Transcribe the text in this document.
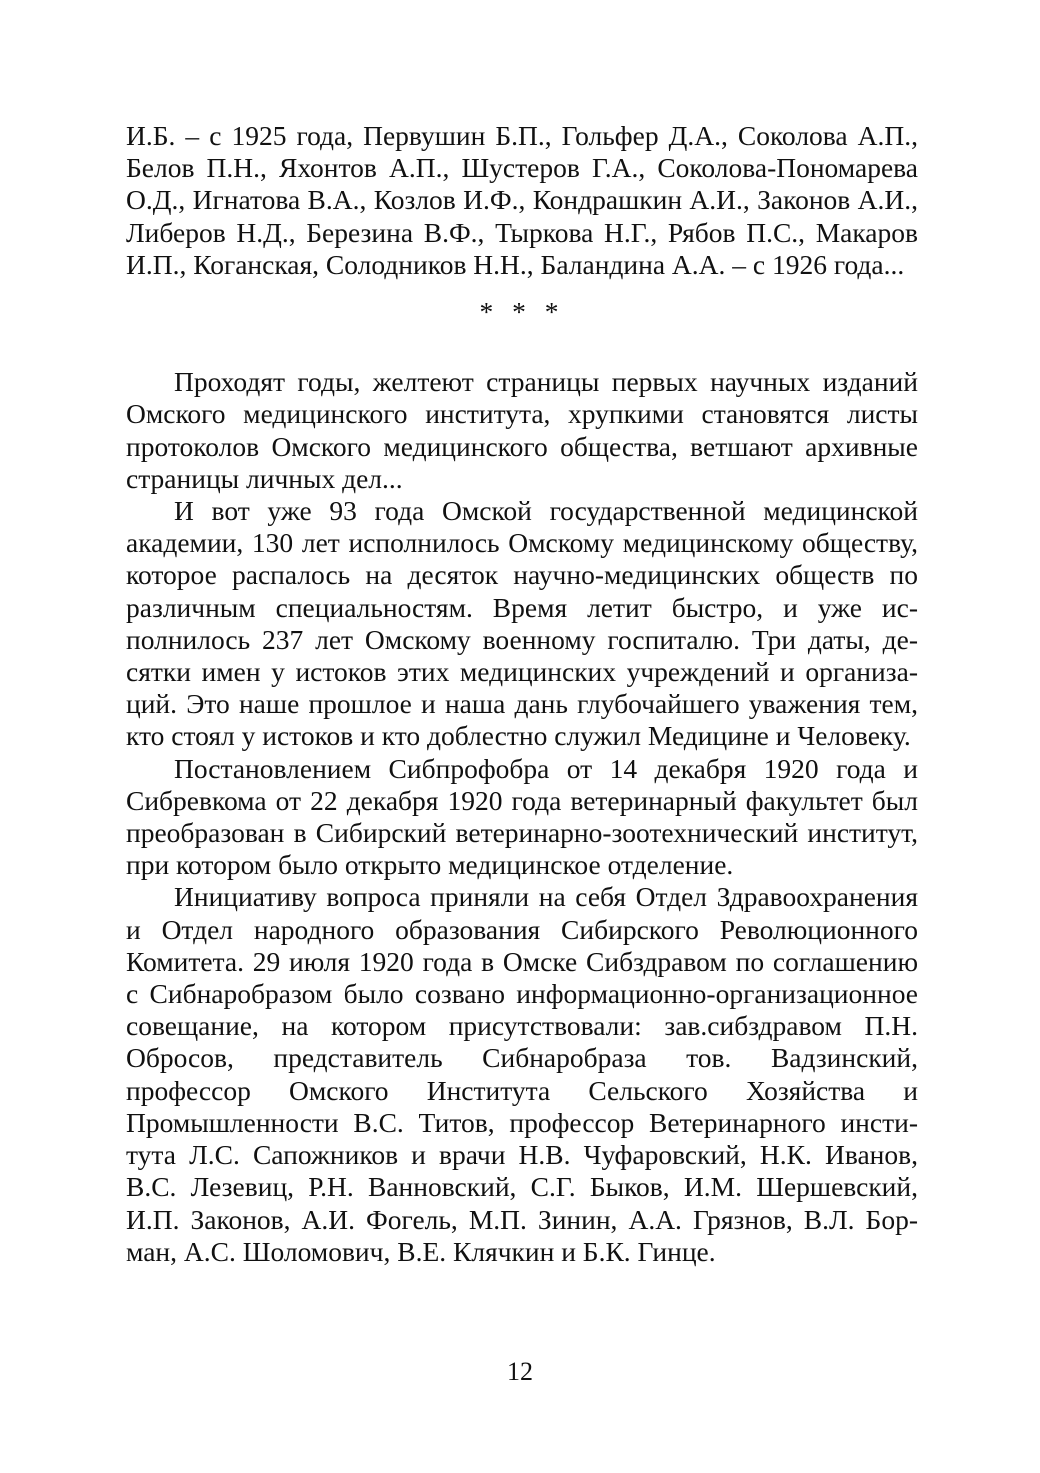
И.Б. – с 1925 года, Первушин Б.П., Гольфер Д.А., Соколова А.П., Белов П.Н., Яхонтов А.П., Шустеров Г.А., Соколова-Пономарева О.Д., Игнатова В.А., Козлов И.Ф., Кондрашкин А.И., Законов А.И., Либеров Н.Д., Березина В.Ф., Тыркова Н.Г., Рябов П.С., Макаров И.П., Коганская, Солодников Н.Н., Баландина А.А. – с 1926 года...

* * *

Проходят годы, желтеют страницы первых научных изданий Омского медицинского института, хрупкими становятся листы протоколов Омского медицинского общества, ветшают архивные страницы личных дел...

И вот уже 93 года Омской государственной медицинской академии, 130 лет исполнилось Омскому медицинскому обществу, которое распалось на десяток научно-медицинских обществ по различным специальностям. Время летит быстро, и уже исполнилось 237 лет Омскому военному госпиталю. Три даты, десятки имен у истоков этих медицинских учреждений и организаций. Это наше прошлое и наша дань глубочайшего уважения тем, кто стоял у истоков и кто доблестно служил Медицине и Человеку.

Постановлением Сибпрофобра от 14 декабря 1920 года и Сибревкома от 22 декабря 1920 года ветеринарный факультет был преобразован в Сибирский ветеринарно-зоотехнический институт, при котором было открыто медицинское отделение.

Инициативу вопроса приняли на себя Отдел Здравоохранения и Отдел народного образования Сибирского Революционного Комитета. 29 июля 1920 года в Омске Сибздравом по соглашению с Сибнаробразом было созвано информационно-организационное совещание, на котором присутствовали: зав.сибздравом П.Н. Обросов, представитель Сибнаробраза тов. Вадзинский, профессор Омского Института Сельского Хозяйства и Промышленности В.С. Титов, профессор Ветеринарного института Л.С. Сапожников и врачи Н.В. Чуфаровский, Н.К. Иванов, В.С. Лезевиц, Р.Н. Ванновский, С.Г. Быков, И.М. Шершевский, И.П. Законов, А.И. Фогель, М.П. Зинин, А.А. Грязнов, В.Л. Борман, А.С. Шоломович, В.Е. Клячкин и Б.К. Гинце.

12
